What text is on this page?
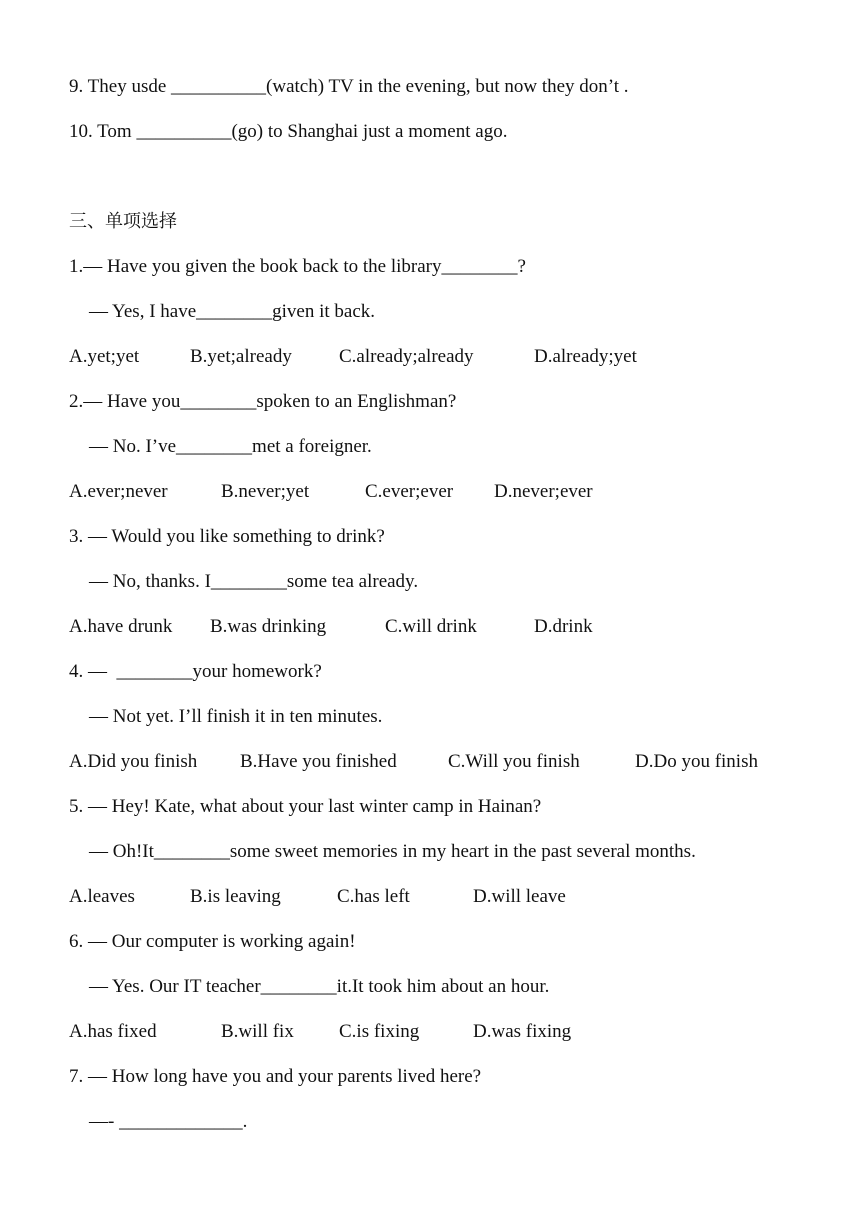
9. They usde __________(watch) TV in the evening, but now they don’t .
10. Tom __________(go) to Shanghai just a moment ago.
三、单项选择
1.— Have you given the book back to the library________?
— Yes, I have________given it back.
A.yet;yet	B.yet;already C.already;already	D.already;yet
2.— Have you________spoken to an Englishman?
— No. I’ve________met a foreigner.
A.ever;never	B.never;yet	C.ever;ever D.never;ever
3. — Would you like something to drink?
— No, thanks. I________some tea already.
A.have drunk B.was drinking	C.will drink	D.drink
4. —  ________your homework?
— Not yet. I’ll finish it in ten minutes.
A.Did you finish B.Have you finished	C.Will you finish	D.Do you finish
5. — Hey! Kate, what about your last winter camp in Hainan?
— Oh!It________some sweet memories in my heart in the past several months.
A.leaves	B.is leaving	C.has left	D.will leave
6. — Our computer is working again!
— Yes. Our IT teacher________it.It took him about an hour.
A.has fixed	B.will fix C.is fixing	D.was fixing
7. — How long have you and your parents lived here?
—- _____________.
